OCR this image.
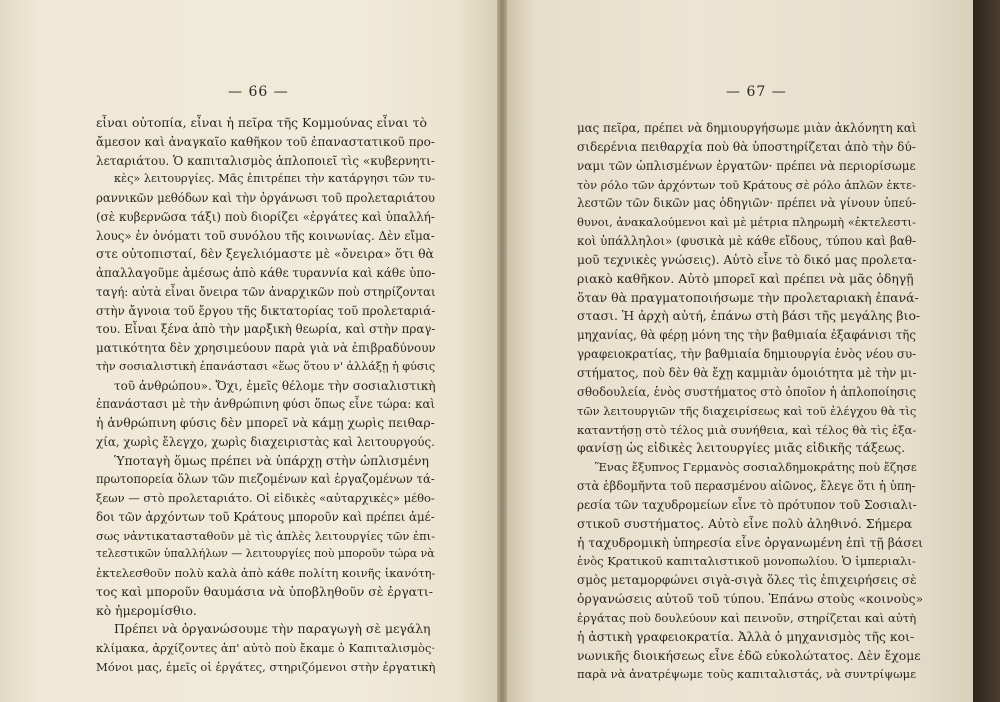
— 66 —
εἶναι οὐτοπία, εἶναι ἡ πεῖρα τῆς Κομμούνας εἶναι τὸ
ἄμεσον καὶ ἀναγκαῖο καθῆκον τοῦ ἐπαναστατικοῦ προ-
λεταριάτου. Ὁ καπιταλισμὸς ἁπλοποιεῖ τὶς «κυβερνητι-
κὲς» λειτουργίες. Μᾶς ἐπιτρέπει τὴν κατάργησι τῶν τυ-
ραννικῶν μεθόδων καὶ τὴν ὀργάνωσι τοῦ προλεταριάτου
(σὲ κυβερνῶσα τάξι) ποὺ διορίζει «ἐργάτες καὶ ὑπαλλή-
λους» ἐν ὀνόματι τοῦ συνόλου τῆς κοινωνίας. Δὲν εἴμα-
στε οὐτοπισταί, δὲν ξεγελιόμαστε μὲ «ὄνειρα» ὅτι θὰ
ἀπαλλαγοῦμε ἀμέσως ἀπὸ κάθε τυραννία καὶ κάθε ὑπο-
ταγή: αὐτὰ εἶναι ὄνειρα τῶν ἀναρχικῶν ποὺ στηρίζονται
στὴν ἄγνοια τοῦ ἔργου τῆς δικτατορίας τοῦ προλεταριά-
του. Εἶναι ξένα ἀπὸ τὴν μαρξικὴ θεωρία, καὶ στὴν πραγ-
ματικότητα δὲν χρησιμεύουν παρὰ γιὰ νὰ ἐπιβραδύνουν
τὴν σοσιαλιστικὴ ἐπανάστασι «ἕως ὅτου ν' ἀλλάξῃ ἡ φύσις
τοῦ ἀνθρώπου». Ὄχι, ἐμεῖς θέλομε τὴν σοσιαλιστικὴ
ἐπανάστασι μὲ τὴν ἀνθρώπινη φύσι ὅπως εἶνε τώρα: καὶ
ἡ ἀνθρώπινη φύσις δὲν μπορεῖ νὰ κάμῃ χωρὶς πειθαρ-
χία, χωρὶς ἔλεγχο, χωρὶς διαχειριστὰς καὶ λειτουργούς.
Ὑποταγὴ ὅμως πρέπει νὰ ὑπάρχῃ στὴν ὡπλισμένη
πρωτοπορεία ὅλων τῶν πιεζομένων καὶ ἐργαζομένων τά-
ξεων — στὸ προλεταριάτο. Οἱ εἰδικὲς «αὐταρχικὲς» μέθο-
δοι τῶν ἀρχόντων τοῦ Κράτους μποροῦν καὶ πρέπει ἀμέ-
σως νἀντικατασταθοῦν μὲ τὶς ἁπλὲς λειτουργίες τῶν ἐπι-
τελεστικῶν ὑπαλλήλων — λειτουργίες ποὺ μποροῦν τώρα νὰ
ἐκτελεσθοῦν πολὺ καλὰ ἀπὸ κάθε πολίτη κοινῆς ἱκανότη-
τος καὶ μποροῦν θαυμάσια νὰ ὑποβληθοῦν σὲ ἐργατι-
κὸ ἡμερομίσθιο.
Πρέπει νὰ ὀργανώσουμε τὴν παραγωγὴ σὲ μεγάλη
κλίμακα, ἀρχίζοντες ἀπ' αὐτὸ ποὺ ἔκαμε ὁ Καπιταλισμὸς·
Μόνοι μας, ἐμεῖς οἱ ἐργάτες, στηριζόμενοι στὴν ἐργατικὴ
— 67 —
μας πεῖρα, πρέπει νὰ δημιουργήσωμε μιὰν ἀκλόνητη καὶ
σιδερένια πειθαρχία ποὺ θὰ ὑποστηρίζεται ἀπὸ τὴν δύ-
ναμι τῶν ὡπλισμένων ἐργατῶν· πρέπει νὰ περιορίσωμε
τὸν ρόλο τῶν ἀρχόντων τοῦ Κράτους σὲ ρόλο ἁπλῶν ἐκτε-
λεστῶν τῶν δικῶν μας ὁδηγιῶν· πρέπει νὰ γίνουν ὑπεύ-
θυνοι, ἀνακαλούμενοι καὶ μὲ μέτρια πληρωμὴ «ἐκτελεστι-
κοὶ ὑπάλληλοι» (φυσικὰ μὲ κάθε εἴδους, τύπου καὶ βαθ-
μοῦ τεχνικὲς γνώσεις). Αὐτὸ εἶνε τὸ δικό μας προλετα-
ριακὸ καθῆκον. Αὐτὸ μπορεῖ καὶ πρέπει νὰ μᾶς ὁδηγῇ
ὅταν θὰ πραγματοποιήσωμε τὴν προλεταριακὴ ἐπανά-
στασι. Ἡ ἀρχὴ αὐτή, ἐπάνω στὴ βάσι τῆς μεγάλης βιο-
μηχανίας, θὰ φέρῃ μόνη της τὴν βαθμιαία ἐξαφάνισι τῆς
γραφειοκρατίας, τὴν βαθμιαία δημιουργία ἑνὸς νέου συ-
στήματος, ποὺ δὲν θὰ ἔχῃ καμμιὰν ὁμοιότητα μὲ τὴν μι-
σθοδουλεία, ἑνὸς συστήματος στὸ ὁποῖον ἡ ἁπλοποίησις
τῶν λειτουργιῶν τῆς διαχειρίσεως καὶ τοῦ ἐλέγχου θὰ τὶς
καταντήσῃ στὸ τέλος μιὰ συνήθεια, καὶ τέλος θὰ τὶς ἐξα-
φανίσῃ ὡς εἰδικὲς λειτουργίες μιᾶς εἰδικῆς τάξεως.
Ἕνας ἔξυπνος Γερμανὸς σοσιαλδημοκράτης ποὺ ἔζησε
στὰ ἑβδομῆντα τοῦ περασμένου αἰῶνος, ἔλεγε ὅτι ἡ ὑπη-
ρεσία τῶν ταχυδρομείων εἶνε τὸ πρότυπον τοῦ Σοσιαλι-
στικοῦ συστήματος. Αὐτὸ εἶνε πολὺ ἀληθινό. Σήμερα
ἡ ταχυδρομικὴ ὑπηρεσία εἶνε ὀργανωμένη ἐπὶ τῇ βάσει
ἑνὸς Κρατικοῦ καπιταλιστικοῦ μονοπωλίου. Ὁ ἰμπεριαλι-
σμὸς μεταμορφώνει σιγὰ-σιγὰ ὅλες τὶς ἐπιχειρήσεις σὲ
ὀργανώσεις αὐτοῦ τοῦ τύπου. Ἐπάνω στοὺς «κοινοὺς»
ἐργάτας ποὺ δουλεύουν καὶ πεινοῦν, στηρίζεται καὶ αὐτὴ
ἡ ἀστικὴ γραφειοκρατία. Ἀλλὰ ὁ μηχανισμὸς τῆς κοι-
νωνικῆς διοικήσεως εἶνε ἐδῶ εὐκολώτατος. Δὲν ἔχομε
παρὰ νὰ ἀνατρέψωμε τοὺς καπιταλιστάς, νὰ συντρίψωμε
